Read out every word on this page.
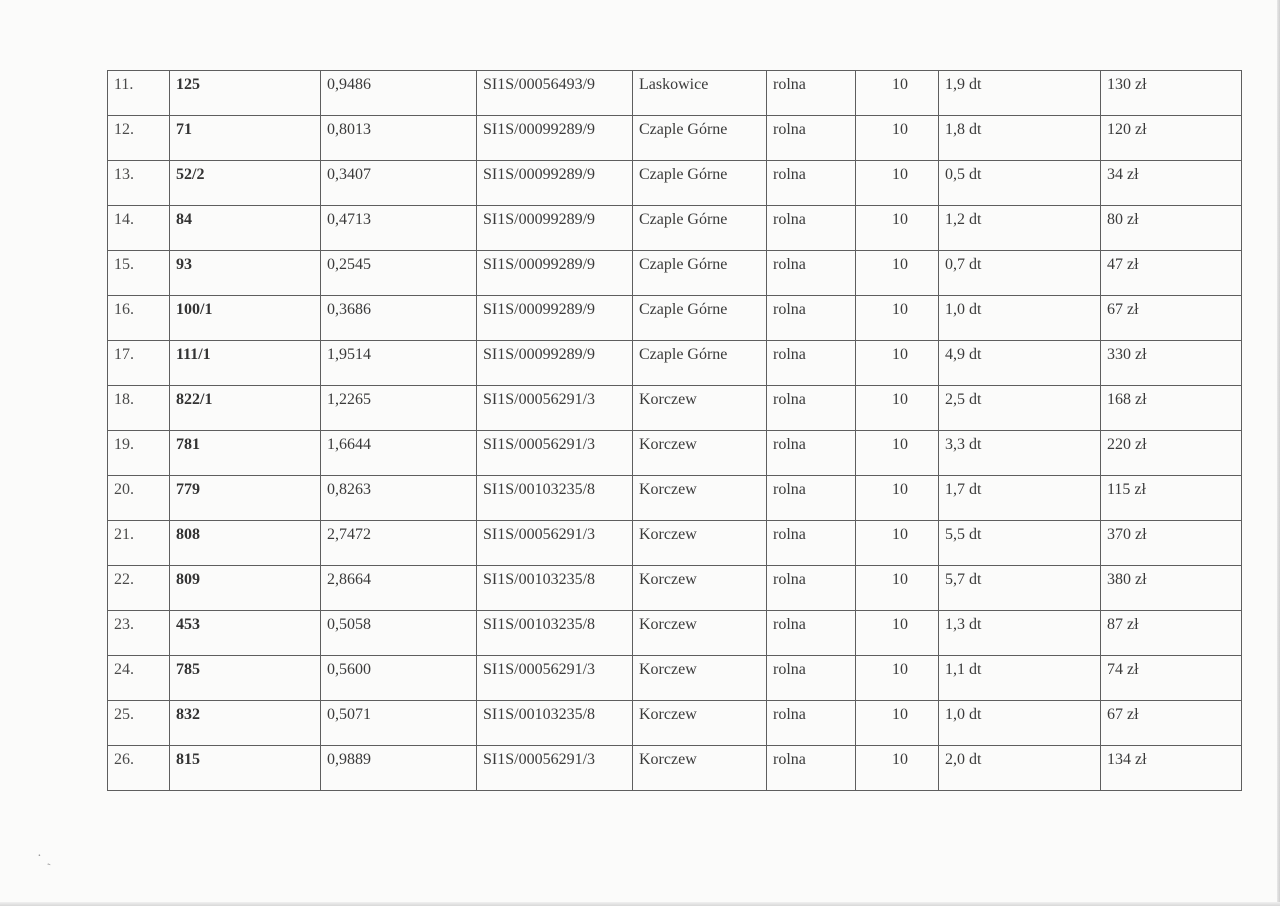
11.	125	0,9486	SI1S/00056493/9	Laskowice	rolna	10	1,9 dt	130 zł
12.	71	0,8013	SI1S/00099289/9	Czaple Górne	rolna	10	1,8 dt	120 zł
13.	52/2	0,3407	SI1S/00099289/9	Czaple Górne	rolna	10	0,5 dt	34 zł
14.	84	0,4713	SI1S/00099289/9	Czaple Górne	rolna	10	1,2 dt	80 zł
15.	93	0,2545	SI1S/00099289/9	Czaple Górne	rolna	10	0,7 dt	47 zł
16.	100/1	0,3686	SI1S/00099289/9	Czaple Górne	rolna	10	1,0 dt	67 zł
17.	111/1	1,9514	SI1S/00099289/9	Czaple Górne	rolna	10	4,9 dt	330 zł
18.	822/1	1,2265	SI1S/00056291/3	Korczew	rolna	10	2,5 dt	168 zł
19.	781	1,6644	SI1S/00056291/3	Korczew	rolna	10	3,3 dt	220 zł
20.	779	0,8263	SI1S/00103235/8	Korczew	rolna	10	1,7 dt	115 zł
21.	808	2,7472	SI1S/00056291/3	Korczew	rolna	10	5,5 dt	370 zł
22.	809	2,8664	SI1S/00103235/8	Korczew	rolna	10	5,7 dt	380 zł
23.	453	0,5058	SI1S/00103235/8	Korczew	rolna	10	1,3 dt	87 zł
24.	785	0,5600	SI1S/00056291/3	Korczew	rolna	10	1,1 dt	74 zł
25.	832	0,5071	SI1S/00103235/8	Korczew	rolna	10	1,0 dt	67 zł
26.	815	0,9889	SI1S/00056291/3	Korczew	rolna	10	2,0 dt	134 zł
˙ˏ
